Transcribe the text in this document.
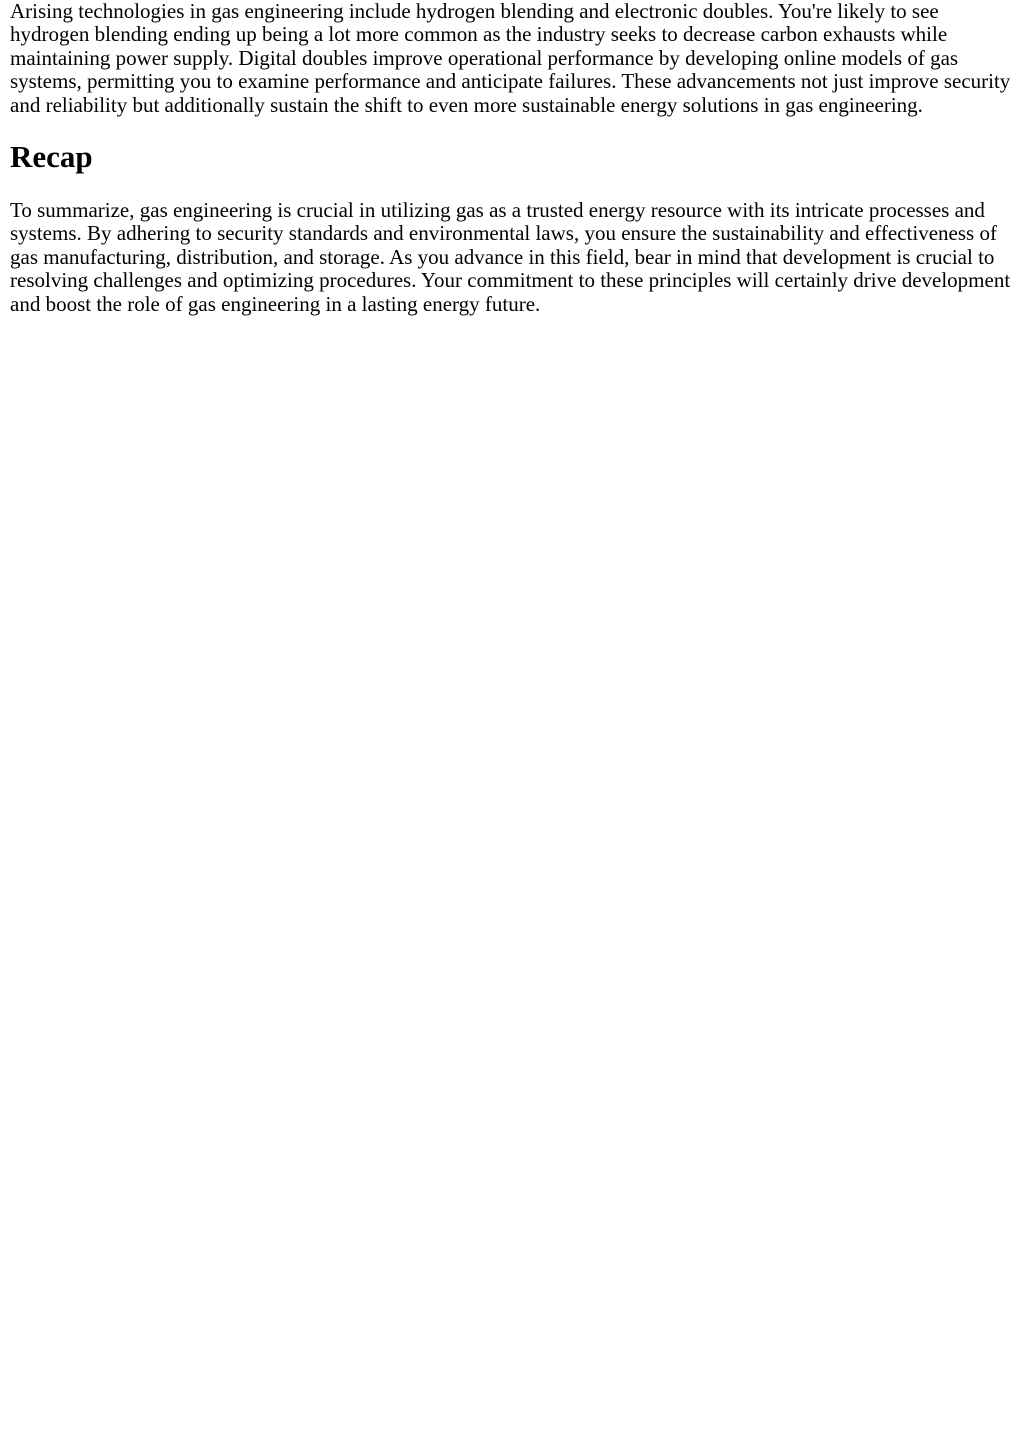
Arising technologies in gas engineering include hydrogen blending and electronic doubles. You're likely to see hydrogen blending ending up being a lot more common as the industry seeks to decrease carbon exhausts while maintaining power supply. Digital doubles improve operational performance by developing online models of gas systems, permitting you to examine performance and anticipate failures. These advancements not just improve security and reliability but additionally sustain the shift to even more sustainable energy solutions in gas engineering.

Recap

To summarize, gas engineering is crucial in utilizing gas as a trusted energy resource with its intricate processes and systems. By adhering to security standards and environmental laws, you ensure the sustainability and effectiveness of gas manufacturing, distribution, and storage. As you advance in this field, bear in mind that development is crucial to resolving challenges and optimizing procedures. Your commitment to these principles will certainly drive development and boost the role of gas engineering in a lasting energy future.
